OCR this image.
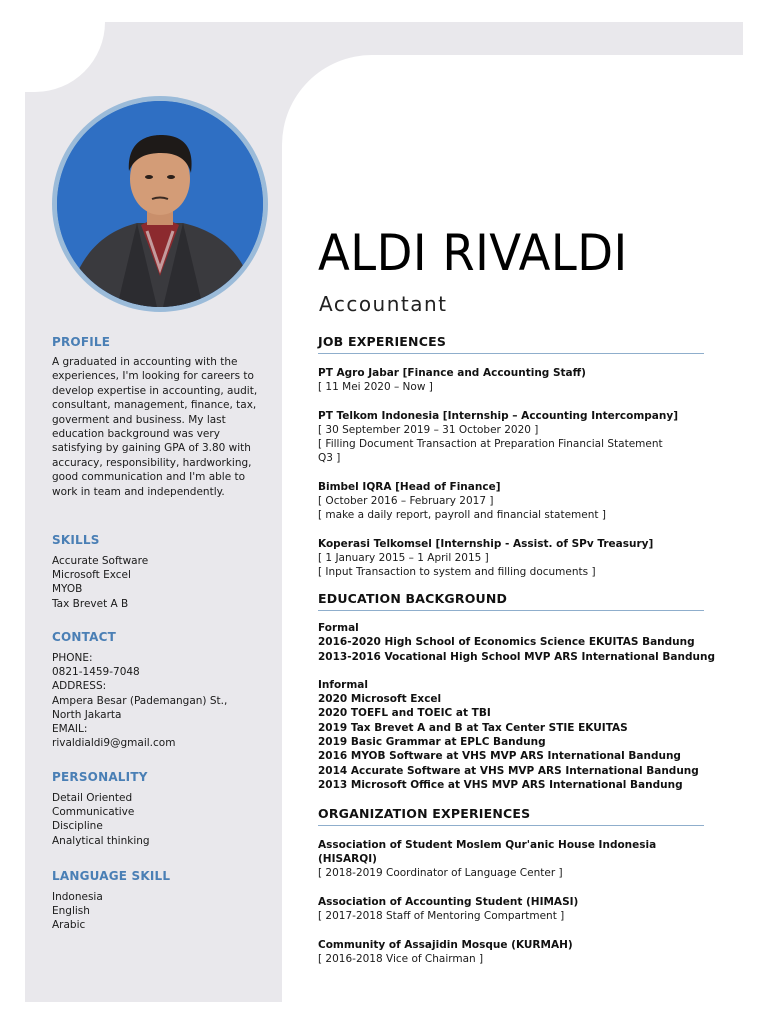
PROFILE
A graduated in accounting with the experiences, I'm looking for careers to develop expertise in accounting, audit, consultant, management, finance, tax, goverment and business. My last education background was very satisfying by gaining GPA of 3.80 with accuracy, responsibility, hardworking, good communication and I'm able to work in team and independently.
SKILLS
Accurate Software
Microsoft Excel
MYOB
Tax Brevet A B
CONTACT
PHONE:
0821-1459-7048
ADDRESS:
Ampera Besar (Pademangan) St.,
North Jakarta
EMAIL:
rivaldialdi9@gmail.com
PERSONALITY
Detail Oriented
Communicative
Discipline
Analytical thinking
LANGUAGE SKILL
Indonesia
English
Arabic
ALDI RIVALDI
Accountant
JOB EXPERIENCES
PT Agro Jabar [Finance and Accounting Staff)
[ 11 Mei 2020 – Now ]
PT Telkom Indonesia [Internship – Accounting Intercompany]
[ 30 September 2019 – 31 October 2020 ]
[ Filling Document Transaction at Preparation Financial Statement
Q3 ]
Bimbel IQRA [Head of Finance]
[ October 2016 – February 2017 ]
[ make a daily report, payroll and financial statement ]
Koperasi Telkomsel [Internship - Assist. of SPv Treasury]
[ 1 January 2015 – 1 April 2015 ]
[ Input Transaction to system and filling documents ]
EDUCATION BACKGROUND
Formal
2016-2020 High School of Economics Science EKUITAS Bandung
2013-2016 Vocational High School MVP ARS International Bandung
Informal
2020 Microsoft Excel
2020 TOEFL and TOEIC at TBI
2019 Tax Brevet A and B at Tax Center STIE EKUITAS
2019 Basic Grammar at EPLC Bandung
2016 MYOB Software at VHS MVP ARS International Bandung
2014 Accurate Software at VHS MVP ARS International Bandung
2013 Microsoft Office at VHS MVP ARS International Bandung
ORGANIZATION EXPERIENCES
Association of Student Moslem Qur'anic House Indonesia (HISARQI)
[ 2018-2019 Coordinator of Language Center ]
Association of Accounting Student (HIMASI)
[ 2017-2018 Staff of Mentoring Compartment ]
Community of Assajidin Mosque (KURMAH)
[ 2016-2018 Vice of Chairman ]
